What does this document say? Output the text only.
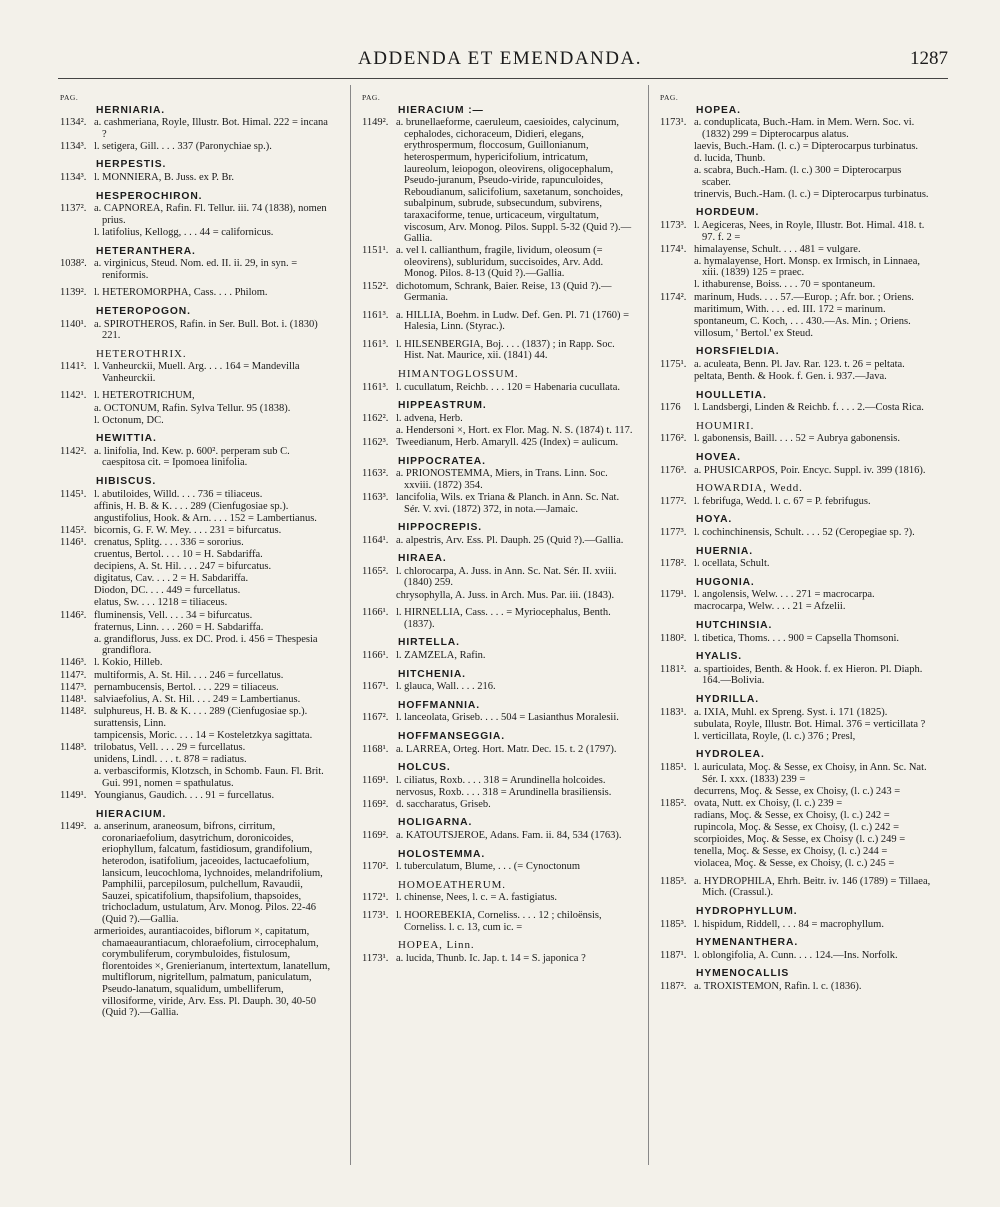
ADDENDA ET EMENDANDA.	1287
PAG.
HERNIARIA.
1134². a. cashmeriana, Royle, Illustr. Bot. Himal. 222 = incana ?
1134³. l. setigera, Gill. . . . 337 (Paronychiae sp.).
HERPESTIS.
1134³. l. MONNIERA, B. Juss. ex P. Br.
HESPEROCHIRON.
1137². a. CAPNOREA, Rafin. Fl. Tellur. iii. 74 (1838), nomen prius.
l. latifolius, Kellogg, . . . 44 = californicus.
HETERANTHERA.
1038². a. virginicus, Steud. Nom. ed. II. ii. 29, in syn. = reniformis.
1139². l. HETEROMORPHA, Cass. . . . Philom.
HETEROPOGON.
1140¹. a. SPIROTHEROS, Rafin. in Ser. Bull. Bot. i. (1830) 221.
HETEROTHRIX.
1141². l. Vanheurckii, Muell. Arg. . . . 164 = Mandevilla Vanheurckii.
1142¹. l. HETEROTRICHUM,
a. OCTONUM, Rafin. Sylva Tellur. 95 (1838).
l. Octonum, DC.
HEWITTIA.
1142². a. linifolia, Ind. Kew. p. 600². perperam sub C. caespitosa cit. = Ipomoea linifolia.
HIBISCUS.
1145¹. l. abutiloides, Willd. . . . 736 = tiliaceus.
affinis, H. B. & K. . . . 289 (Cienfugosiae sp.).
angustifolius, Hook. & Arn. . . . 152 = Lambertianus.
1145². bicornis, G. F. W. Mey. . . . 231 = bifurcatus.
1146¹. crenatus, Splitg. . . . 336 = sororius.
cruentus, Bertol. . . . 10 = H. Sabdariffa.
decipiens, A. St. Hil. . . . 247 = bifurcatus.
digitatus, Cav. . . . 2 = H. Sabdariffa.
Diodon, DC. . . . 449 = furcellatus.
elatus, Sw. . . . 1218 = tiliaceus.
1146². fluminensis, Vell. . . . 34 = bifurcatus.
fraternus, Linn. . . . 260 = H. Sabdariffa.
a. grandiflorus, Juss. ex DC. Prod. i. 456 = Thespesia grandiflora.
1146³. l. Kokio, Hilleb.
1147². multiformis, A. St. Hil. . . . 246 = furcellatus.
1147³. pernambucensis, Bertol. . . . 229 = tiliaceus.
1148¹. salviaefolius, A. St. Hil. . . . 249 = Lambertianus.
1148². sulphureus, H. B. & K. . . . 289 (Cienfugosiae sp.).
surattensis, Linn.
tampicensis, Moric. . . . 14 = Kosteletzkya sagittata.
1148³. trilobatus, Vell. . . . 29 = furcellatus.
unidens, Lindl. . . . t. 878 = radiatus.
a. verbasciformis, Klotzsch, in Schomb. Faun. Fl. Brit. Gui. 991, nomen = spathulatus.
1149¹. Youngianus, Gaudich. . . . 91 = furcellatus.
HIERACIUM.
1149². a. anserinum, araneosum, bifrons, cirritum, coronariaefolium, dasytrichum, doronicoides, eriophyllum, falcatum, fastidiosum, grandifolium, heterodon, isatifolium, jaceoides, lactucaefolium, lansicum, leucochloma, lychnoides, melandrifolium, Pamphilii, parcepilosum, pulchellum, Ravaudii, Sauzei, spicatifolium, thapsifolium, thapsoides, trichocladum, ustulatum, Arv. Monog. Pilos. 22-46 (Quid ?).—Gallia.
armerioides, aurantiacoides, biflorum ×, capitatum, chamaeaurantiacum, chloraefolium, cirrocephalum, corymbuliferum, corymbuloides, fistulosum, florentoides ×, Grenierianum, intertextum, lanatellum, multiflorum, nigritellum, palmatum, paniculatum, Pseudo-lanatum, squalidum, umbelliferum, villosiforme, viride, Arv. Ess. Pl. Dauph. 30, 40-50 (Quid ?).—Gallia.
PAG.
HIERACIUM :—
1149². a. brunellaeforme, caeruleum, caesioides, calycinum, cephalodes, cichoraceum, Didieri, elegans, erythrospermum, floccosum, Guillonianum, heterospermum, hypericifolium, intricatum, laureolum, leiopogon, oleovirens, oligocephalum, Pseudo-juranum, Pseudo-viride, rapunculoides, Reboudianum, salicifolium, saxetanum, sonchoides, subalpinum, subrude, subsecundum, subvirens, taraxaciforme, tenue, urticaceum, virgultatum, viscosum, Arv. Monog. Pilos. Suppl. 5-32 (Quid ?).—Gallia.
1151¹. a. vel l. callianthum, fragile, lividum, oleosum (= oleovirens), subluridum, succisoides, Arv. Add. Monog. Pilos. 8-13 (Quid ?).—Gallia.
1152². dichotomum, Schrank, Baier. Reise, 13 (Quid ?).—Germania.
1161³. a. HILLIA, Boehm. in Ludw. Def. Gen. Pl. 71 (1760) = Halesia, Linn. (Styrac.).
1161³. l. HILSENBERGIA, Boj. . . . (1837) ; in Rapp. Soc. Hist. Nat. Maurice, xii. (1841) 44.
HIMANTOGLOSSUM.
1161³. l. cucullatum, Reichb. . . . 120 = Habenaria cucullata.
HIPPEASTRUM.
1162². l. advena, Herb.
a. Hendersoni ×, Hort. ex Flor. Mag. N. S. (1874) t. 117.
1162³. Tweedianum, Herb. Amaryll. 425 (Index) = aulicum.
HIPPOCRATEA.
1163². a. PRIONOSTEMMA, Miers, in Trans. Linn. Soc. xxviii. (1872) 354.
1163³. lancifolia, Wils. ex Triana & Planch. in Ann. Sc. Nat. Sér. V. xvi. (1872) 372, in nota.—Jamaic.
HIPPOCREPIS.
1164¹. a. alpestris, Arv. Ess. Pl. Dauph. 25 (Quid ?).—Gallia.
HIRAEA.
1165². l. chlorocarpa, A. Juss. in Ann. Sc. Nat. Sér. II. xviii. (1840) 259.
chrysophylla, A. Juss. in Arch. Mus. Par. iii. (1843).
1166¹. l. HIRNELLIA, Cass. . . . = Myriocephalus, Benth. (1837).
HIRTELLA.
1166¹. l. ZAMZELA, Rafin.
HITCHENIA.
1167¹. l. glauca, Wall. . . . 216.
HOFFMANNIA.
1167². l. lanceolata, Griseb. . . . 504 = Lasianthus Moralesii.
HOFFMANSEGGIA.
1168¹. a. LARREA, Orteg. Hort. Matr. Dec. 15. t. 2 (1797).
HOLCUS.
1169¹. l. ciliatus, Roxb. . . . 318 = Arundinella holcoides.
nervosus, Roxb. . . . 318 = Arundinella brasiliensis.
1169². d. saccharatus, Griseb.
HOLIGARNA.
1169². a. KATOUTSJEROE, Adans. Fam. ii. 84, 534 (1763).
HOLOSTEMMA.
1170². l. tuberculatum, Blume, . . . (= Cynoctonum
HOMOEATHERUM.
1172¹. l. chinense, Nees, l. c. = A. fastigiatus.
1173¹. l. HOOREBEKIA, Corneliss. . . . 12 ; chiloënsis, Corneliss. l. c. 13, cum ic. =
HOPEA, Linn.
1173¹. a. lucida, Thunb. Ic. Jap. t. 14 = S. japonica ?
PAG.
HOPEA.
1173¹. a. conduplicata, Buch.-Ham. in Mem. Wern. Soc. vi. (1832) 299 = Dipterocarpus alatus.
laevis, Buch.-Ham. (l. c.) = Dipterocarpus turbinatus.
d. lucida, Thunb.
a. scabra, Buch.-Ham. (l. c.) 300 = Dipterocarpus scaber.
trinervis, Buch.-Ham. (l. c.) = Dipterocarpus turbinatus.
HORDEUM.
1173³. l. Aegiceras, Nees, in Royle, Illustr. Bot. Himal. 418. t. 97. f. 2 =
1174¹. himalayense, Schult. . . . 481 = vulgare.
a. hymalayense, Hort. Monsp. ex Irmisch, in Linnaea, xiii. (1839) 125 = praec.
l. ithaburense, Boiss. . . . 70 = spontaneum.
1174². marinum, Huds. . . . 57.—Europ. ; Afr. bor. ; Oriens.
maritimum, With. . . . ed. III. 172 = marinum.
spontaneum, C. Koch, . . . 430.—As. Min. ; Oriens.
villosum, ' Bertol.' ex Steud.
HORSFIELDIA.
1175¹. a. aculeata, Benn. Pl. Jav. Rar. 123. t. 26 = peltata.
peltata, Benth. & Hook. f. Gen. i. 937.—Java.
HOULLETIA.
1176 l. Landsbergi, Linden & Reichb. f. . . . 2.—Costa Rica.
HOUMIRI.
1176². l. gabonensis, Baill. . . . 52 = Aubrya gabonensis.
HOVEA.
1176³. a. PHUSICARPOS, Poir. Encyc. Suppl. iv. 399 (1816).
HOWARDIA, Wedd.
1177². l. febrifuga, Wedd. l. c. 67 = P. febrifugus.
HOYA.
1177³. l. cochinchinensis, Schult. . . . 52 (Ceropegiae sp. ?).
HUERNIA.
1178². l. ocellata, Schult.
HUGONIA.
1179¹. l. angolensis, Welw. . . . 271 = macrocarpa.
macrocarpa, Welw. . . . 21 = Afzelii.
HUTCHINSIA.
1180². l. tibetica, Thoms. . . . 900 = Capsella Thomsoni.
HYALIS.
1181². a. spartioides, Benth. & Hook. f. ex Hieron. Pl. Diaph. 164.—Bolivia.
HYDRILLA.
1183¹. a. IXIA, Muhl. ex Spreng. Syst. i. 171 (1825).
subulata, Royle, Illustr. Bot. Himal. 376 = verticillata ?
l. verticillata, Royle, (l. c.) 376 ; Presl,
HYDROLEA.
1185¹. l. auriculata, Moç. & Sesse, ex Choisy, in Ann. Sc. Nat. Sér. I. xxx. (1833) 239 =
decurrens, Moç. & Sesse, ex Choisy, (l. c.) 243 =
1185². ovata, Nutt. ex Choisy, (l. c.) 239 =
radians, Moç. & Sesse, ex Choisy, (l. c.) 242 =
rupincola, Moç. & Sesse, ex Choisy, (l. c.) 242 =
scorpioides, Moç. & Sesse, ex Choisy (l. c.) 249 =
tenella, Moç. & Sesse, ex Choisy, (l. c.) 244 =
violacea, Moç. & Sesse, ex Choisy, (l. c.) 245 =
1185³. a. HYDROPHILA, Ehrh. Beitr. iv. 146 (1789) = Tillaea, Mich. (Crassul.).
HYDROPHYLLUM.
1185³. l. hispidum, Riddell, . . . 84 = macrophyllum.
HYMENANTHERA.
1187¹. l. oblongifolia, A. Cunn. . . . 124.—Ins. Norfolk.
HYMENOCALLIS
1187². a. TROXISTEMON, Rafin. l. c. (1836).
